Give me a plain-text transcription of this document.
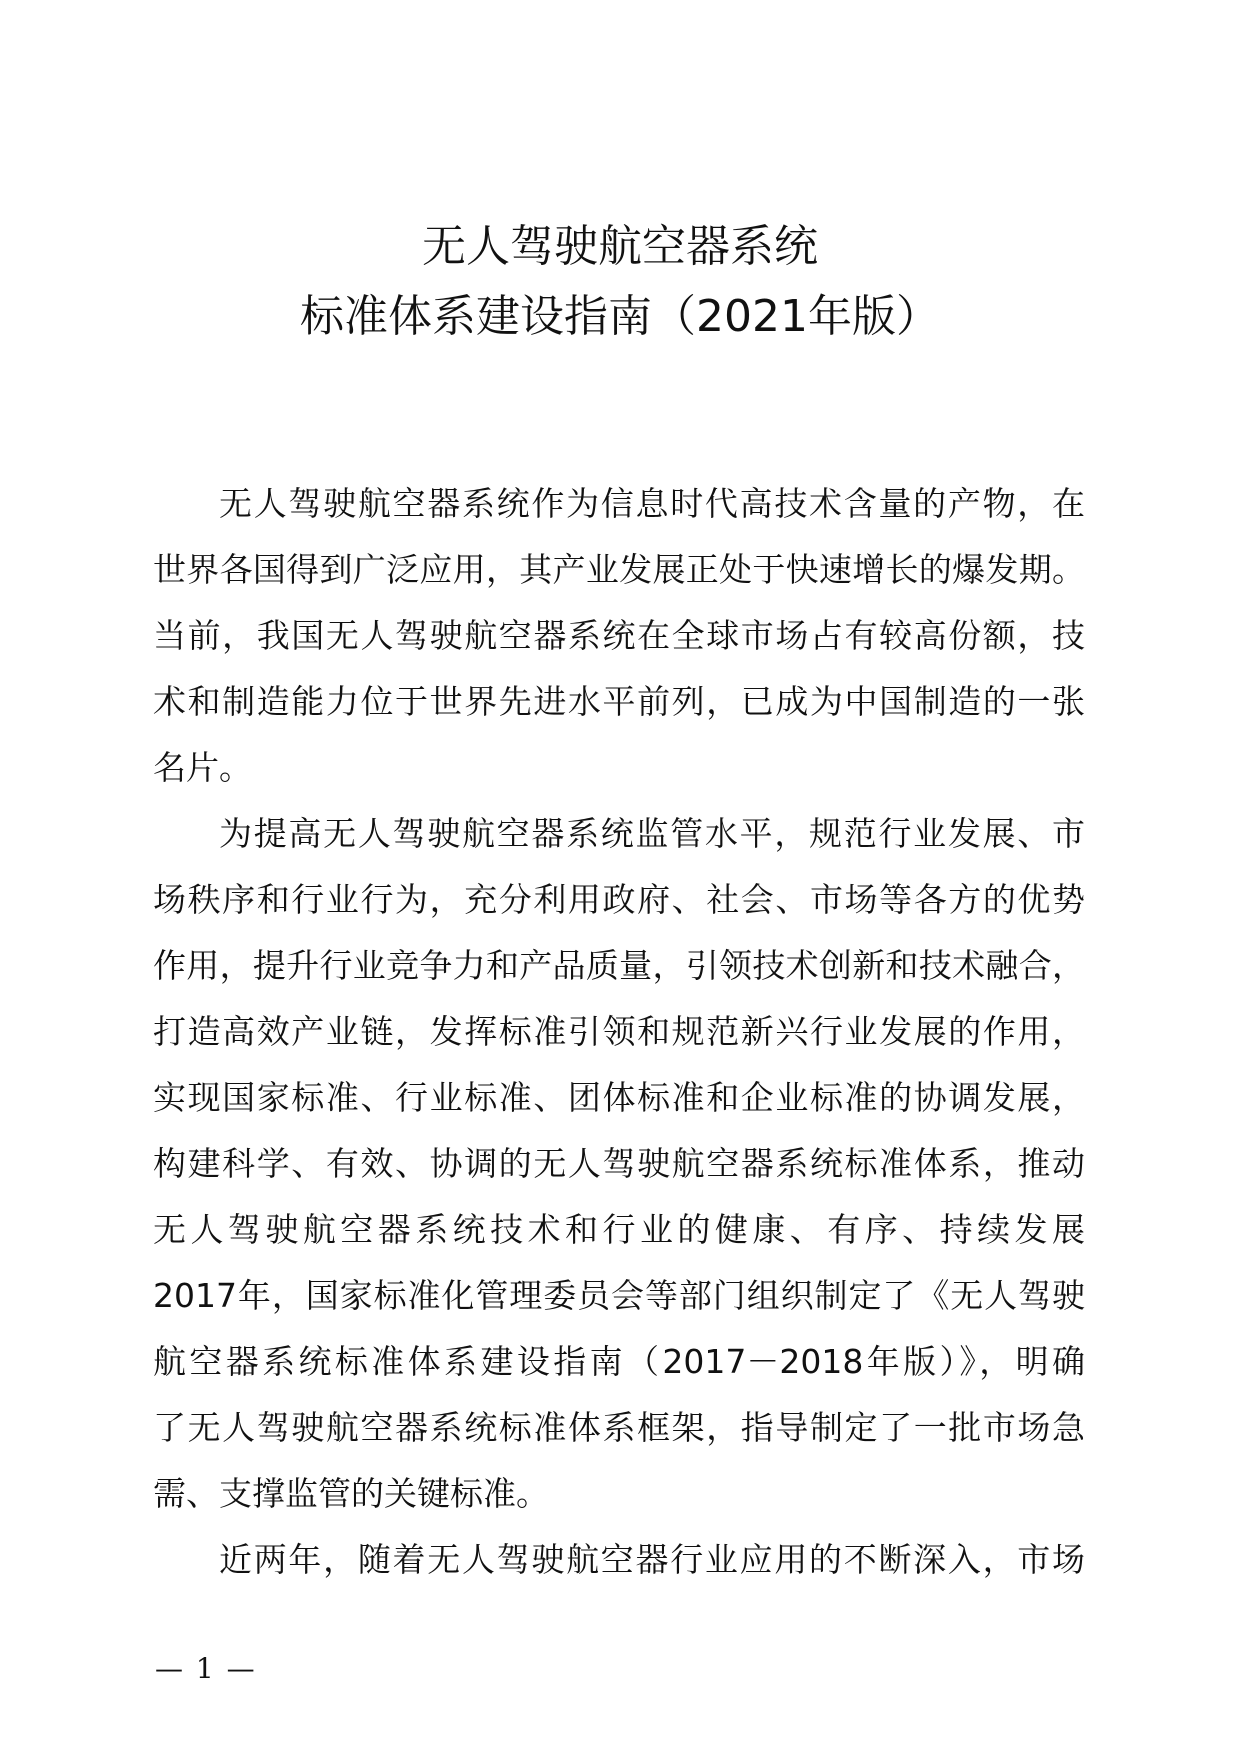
无人驾驶航空器系统
标准体系建设指南（2021年版）
无人驾驶航空器系统作为信息时代高技术含量的产物，在
世界各国得到广泛应用，其产业发展正处于快速增长的爆发期。
当前，我国无人驾驶航空器系统在全球市场占有较高份额，技
术和制造能力位于世界先进水平前列，已成为中国制造的一张
名片。
为提高无人驾驶航空器系统监管水平，规范行业发展、市
场秩序和行业行为，充分利用政府、社会、市场等各方的优势
作用，提升行业竞争力和产品质量，引领技术创新和技术融合，
打造高效产业链，发挥标准引领和规范新兴行业发展的作用，
实现国家标准、行业标准、团体标准和企业标准的协调发展，
构建科学、有效、协调的无人驾驶航空器系统标准体系，推动
无人驾驶航空器系统技术和行业的健康、有序、持续发展
2017年，国家标准化管理委员会等部门组织制定了《无人驾驶
航空器系统标准体系建设指南（2017－2018年版）》，明确
了无人驾驶航空器系统标准体系框架，指导制定了一批市场急
需、支撑监管的关键标准。
近两年，随着无人驾驶航空器行业应用的不断深入，市场
— 1 —
